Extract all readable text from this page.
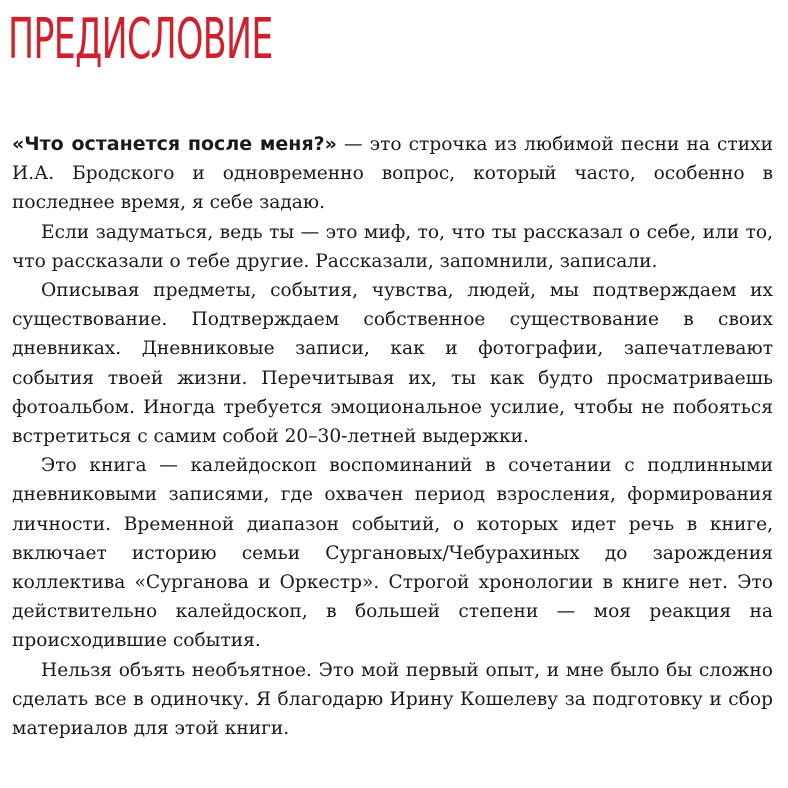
ПРЕДИСЛОВИЕ

«Что останется после меня?» — это строчка из любимой песни на стихи И.А. Бродского и одновременно вопрос, который часто, особенно в последнее время, я себе задаю.

Если задуматься, ведь ты — это миф, то, что ты рассказал о себе, или то, что рассказали о тебе другие. Рассказали, запомнили, записали.

Описывая предметы, события, чувства, людей, мы подтверждаем их существование. Подтверждаем собственное существование в своих дневниках. Дневниковые записи, как и фотографии, запечатлевают события твоей жизни. Перечитывая их, ты как будто просматриваешь фотоальбом. Иногда требуется эмоциональное усилие, чтобы не побояться встретиться с самим собой 20–30-летней выдержки.

Это книга — калейдоскоп воспоминаний в сочетании с подлинными дневниковыми записями, где охвачен период взросления, формирования личности. Временной диапазон событий, о которых идет речь в книге, включает историю семьи Сургановых/Чебурахиных до зарождения коллектива «Сурганова и Оркестр». Строгой хронологии в книге нет. Это действительно калейдоскоп, в большей степени — моя реакция на происходившие события.

Нельзя объять необъятное. Это мой первый опыт, и мне было бы сложно сделать все в одиночку. Я благодарю Ирину Кошелеву за подготовку и сбор материалов для этой книги.
